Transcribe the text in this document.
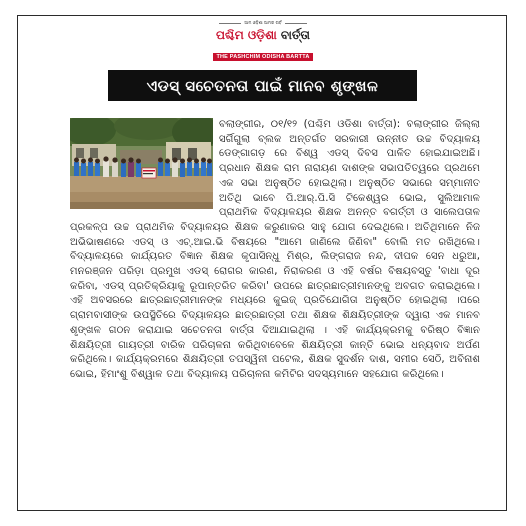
ଆମ ଓଡ଼ିଶା ଆମର ଗର୍ବ
ପଶ୍ଚିମ ଓଡ଼ିଶା ବାର୍ତ୍ତା
THE PASHCHIM ODISHA BARTTA
ଏଡସ୍ ସଚେତନତା ପାଇଁ ମାନବ ଶୃଙ୍ଖଳ

ବଲାଙ୍ଗୀର, ୦୧/୧୨ (ପଶ୍ଚିମ ଓଡିଶା ବାର୍ତ୍ତା): ବଲାଙ୍ଗୀର ଜିଲ୍ଲା ସର୍ଗିଗୁଲା ବ୍ଲକ ଅନ୍ତର୍ଗତ ସରକାରୀ ଉନ୍ନୀତ ଉଚ୍ଚ ବିଦ୍ୟାଳୟ ଡେଙ୍ଗାଗଡ଼ ରେ ବିଶ୍ୱ ଏଡସ୍ ଦିବସ ପାଳିତ ହୋଇଯାଇଅଛି। ପ୍ରଧାନ ଶିକ୍ଷକ ରାମ ନାରାୟଣ ଦାଶଙ୍କ ସଭାପତିତ୍ୱରେ ପ୍ରଥମେ ଏକ ସଭା ଅନୁଷ୍ଠିତ ହୋଇଥିଲା। ଅନୁଷ୍ଠିତ ସଭାରେ ସମ୍ମାନୀତ ଅତିଥି ଭାବେ ପି.ଆର୍.ପି.ସି ଟିକେଶ୍ୱର ଭୋଇ, ସୁଲିଆମାଳ ପ୍ରାଥମିକ ବିଦ୍ୟାଳୟର ଶିକ୍ଷକ ଅନନ୍ତ ବଗର୍ତ୍ତୀ ଓ ସାଲେପତାଳ ପ୍ରକଳ୍ପ ଉଚ୍ଚ ପ୍ରାଥମିକ ବିଦ୍ୟାଳୟର ଶିକ୍ଷକ କରୁଣାକର ସାହୁ ଯୋଗ ଦେଇଥିଲେ। ଅତିଥିମାନେ ନିଜ ଅଭିଭାଷଣରେ ଏଡସ୍ ଓ ଏଚ୍.ଆଇ.ଭି ବିଷୟରେ "ଆମେ ଜାଣିଲେ ଜିଣିବା" ବୋଲି ମତ ରଖିଥିଲେ। ବିଦ୍ୟାଳୟରେ କାର୍ଯ୍ୟରତ ବିଜ୍ଞାନ ଶିକ୍ଷକ କୃପାସିନ୍ଧୁ ମିଶ୍ର, ଲିଙ୍ଗରାଜ ନନ୍ଦ, ଦୀପକ ସେନ ଧରୁଆ, ମନରଞ୍ଜନ ପରିଡ଼ା ପ୍ରମୁଖ ଏଡସ୍ ରୋଗର କାରଣ, ନିରାକରଣ ଓ ଏହି ବର୍ଷର ବିଷୟବସ୍ତୁ 'ବାଧା ଦୂର କରିବା, ଏଡସ୍ ପ୍ରତିକ୍ରିୟାକୁ ରୂପାନ୍ତରିତ କରିବା' ଉପରେ ଛାତ୍ରଛାତ୍ରୀମାନଙ୍କୁ ଅବଗତ କରାଇଥିଲେ। ଏହି ଅବସରରେ ଛାତ୍ରଛାତ୍ରୀମାନଙ୍କ ମଧ୍ୟରେ କୁଇଜ୍ ପ୍ରତିଯୋଗିତା ଅନୁଷ୍ଠିତ ହୋଇଥିଲା ।ପରେ ଗ୍ରାମବାସୀଙ୍କ ଉପସ୍ଥିତିରେ ବିଦ୍ୟାଳୟର ଛାତ୍ରଛାତ୍ରୀ ତଥା ଶିକ୍ଷକ ଶିକ୍ଷୟିତ୍ରୀଙ୍କ ଦ୍ୱାରା ଏକ ମାନବ ଶୃଙ୍ଖଳ ଗଠନ କରାଯାଇ ସଚେତନତା ବାର୍ତ୍ତା ଦିଆଯାଇଥିଲା । ଏହି କାର୍ଯ୍ୟକ୍ରମକୁ ବରିଷ୍ଠ ବିଜ୍ଞାନ ଶିକ୍ଷୟିତ୍ରୀ ଗାୟତ୍ରୀ ବାରିକ ପରିଚାଳନା କରିଥିବାବେଳେ ଶିକ୍ଷୟିତ୍ରୀ କାନ୍ତି ଭୋଇ ଧନ୍ୟବାଦ ଅର୍ପଣ କରିଥିଲେ। କାର୍ଯ୍ୟକ୍ରମରେ ଶିକ୍ଷୟିତ୍ରୀ ତପସ୍ୱିନୀ ପଟେଲ, ଶିକ୍ଷକ ସୁଦର୍ଶନ ଦାଶ, ସମୀର ସେଠି, ଅବିନାଶ ଭୋଇ, ହିମାଂଶୁ ବିଶ୍ୱାଳ ତଥା ବିଦ୍ୟାଳୟ ପରିଚାଳନା କମିଟିର ସଦସ୍ୟମାନେ ସହଯୋଗ କରିଥିଲେ।
